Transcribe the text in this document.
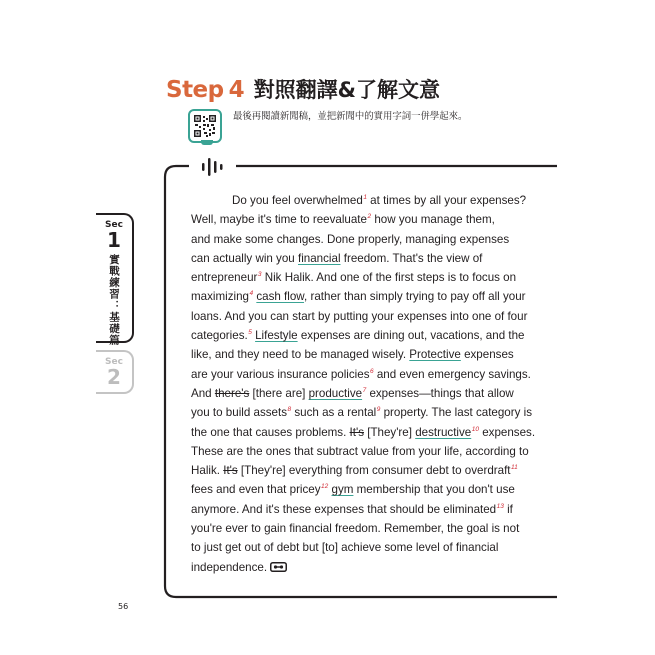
Step 4 對照翻譯&了解文意
最後再閱讀新聞稿，並把新聞中的實用字詞一併學起來。
Sec
1
實戰練習：基礎篇
Sec
2
Do you feel overwhelmed$^1$ at times by all your expenses?
Well, maybe it's time to reevaluate$^2$ how you manage them,
and make some changes. Done properly, managing expenses
can actually win you financial freedom. That's the view of
entrepreneur$^3$ Nik Halik. And one of the first steps is to focus on
maximizing$^4$ cash flow, rather than simply trying to pay off all your
loans. And you can start by putting your expenses into one of four
categories.$^5$ Lifestyle expenses are dining out, vacations, and the
like, and they need to be managed wisely. Protective expenses
are your various insurance policies$^6$ and even emergency savings.
And there's [there are] productive$^7$ expenses—things that allow
you to build assets$^8$ such as a rental$^9$ property. The last category is
the one that causes problems. It's [They're] destructive$^{10}$ expenses.
These are the ones that subtract value from your life, according to
Halik. It's [They're] everything from consumer debt to overdraft$^{11}$
fees and even that pricey$^{12}$ gym membership that you don't use
anymore. And it's these expenses that should be eliminated$^{13}$ if
you're ever to gain financial freedom. Remember, the goal is not
to just get out of debt but [to] achieve some level of financial
independence.
56
